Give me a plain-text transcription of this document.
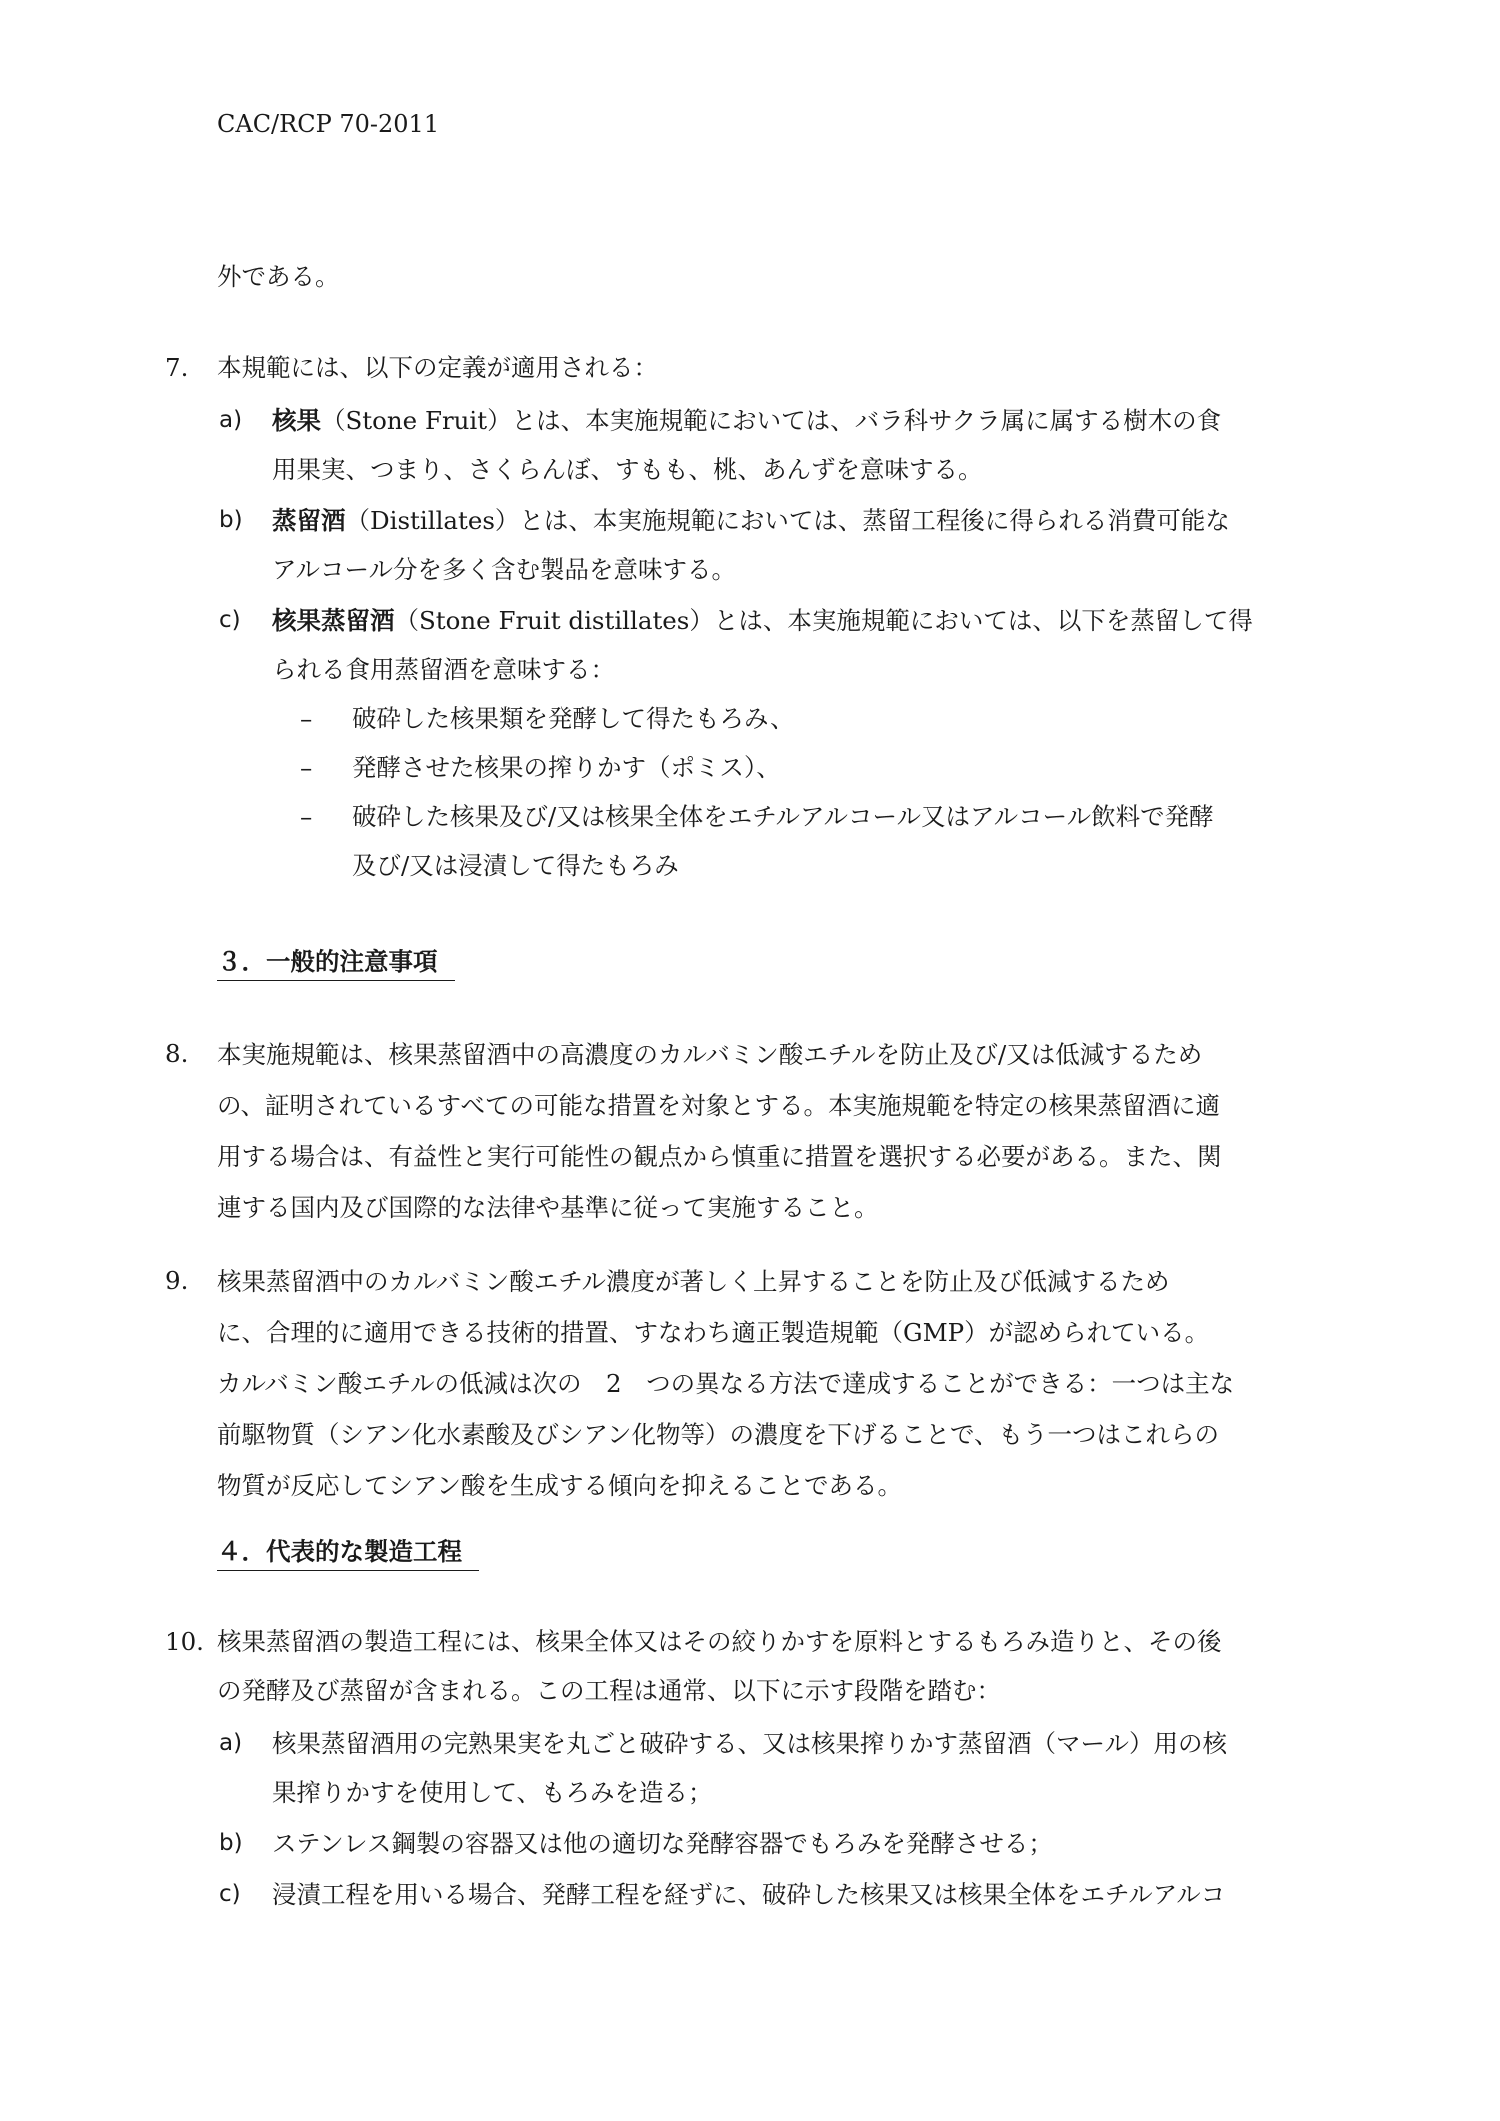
CAC/RCP 70-2011
外である。
7. 本規範には、以下の定義が適用される：
a) 核果（Stone Fruit）とは、本実施規範においては、バラ科サクラ属に属する樹木の食
用果実、つまり、さくらんぼ、すもも、桃、あんずを意味する。
b) 蒸留酒（Distillates）とは、本実施規範においては、蒸留工程後に得られる消費可能な
アルコール分を多く含む製品を意味する。
c) 核果蒸留酒（Stone Fruit distillates）とは、本実施規範においては、以下を蒸留して得
られる食用蒸留酒を意味する：
– 破砕した核果類を発酵して得たもろみ、
– 発酵させた核果の搾りかす（ポミス）、
– 破砕した核果及び/又は核果全体をエチルアルコール又はアルコール飲料で発酵
及び/又は浸漬して得たもろみ
３．一般的注意事項
8. 本実施規範は、核果蒸留酒中の高濃度のカルバミン酸エチルを防止及び/又は低減するため
の、証明されているすべての可能な措置を対象とする。本実施規範を特定の核果蒸留酒に適
用する場合は、有益性と実行可能性の観点から慎重に措置を選択する必要がある。また、関
連する国内及び国際的な法律や基準に従って実施すること。
9. 核果蒸留酒中のカルバミン酸エチル濃度が著しく上昇することを防止及び低減するため
に、合理的に適用できる技術的措置、すなわち適正製造規範（GMP）が認められている。
カルバミン酸エチルの低減は次の　2　つの異なる方法で達成することができる：一つは主な
前駆物質（シアン化水素酸及びシアン化物等）の濃度を下げることで、もう一つはこれらの
物質が反応してシアン酸を生成する傾向を抑えることである。
４．代表的な製造工程
10. 核果蒸留酒の製造工程には、核果全体又はその絞りかすを原料とするもろみ造りと、その後
の発酵及び蒸留が含まれる。この工程は通常、以下に示す段階を踏む：
a) 核果蒸留酒用の完熟果実を丸ごと破砕する、又は核果搾りかす蒸留酒（マール）用の核
果搾りかすを使用して、もろみを造る；
b) ステンレス鋼製の容器又は他の適切な発酵容器でもろみを発酵させる；
c) 浸漬工程を用いる場合、発酵工程を経ずに、破砕した核果又は核果全体をエチルアルコ
